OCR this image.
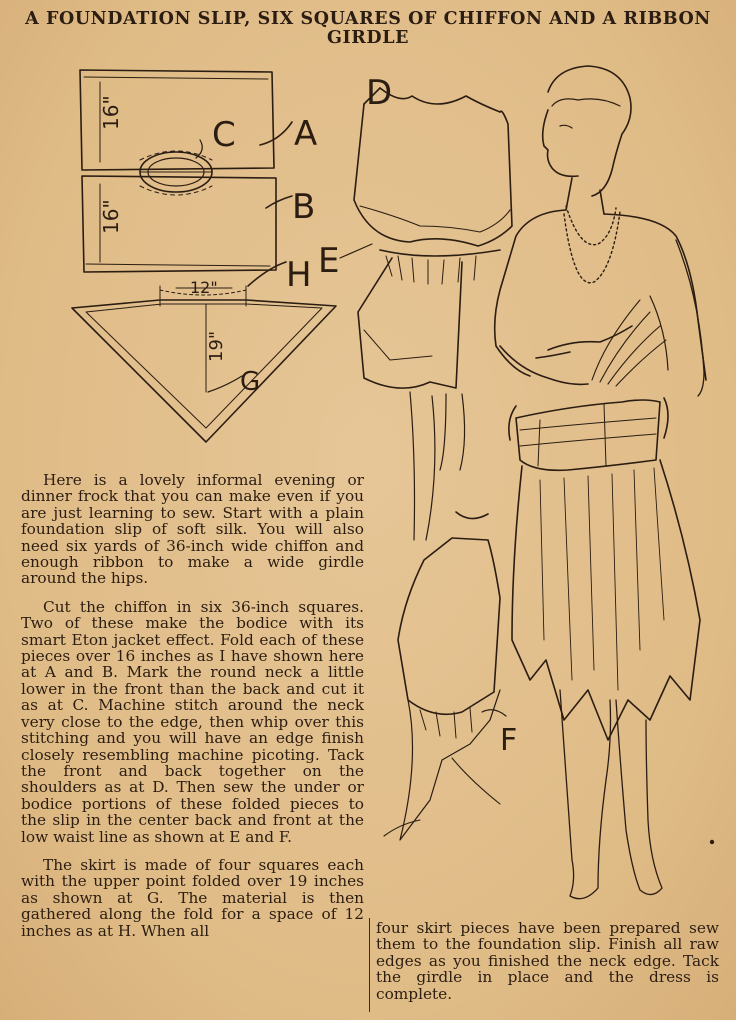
A FOUNDATION SLIP, SIX SQUARES OF CHIFFON AND A RIBBON GIRDLE
C A
B
H E
D
G
F
16"
16"
12"
19"

Here is a lovely informal evening or dinner frock that you can make even if you are just learning to sew. Start with a plain foundation slip of soft silk. You will also need six yards of 36-inch wide chiffon and enough ribbon to make a wide girdle around the hips.

Cut the chiffon in six 36-inch squares. Two of these make the bodice with its smart Eton jacket effect. Fold each of these pieces over 16 inches as I have shown here at A and B. Mark the round neck a little lower in the front than the back and cut it as at C. Machine stitch around the neck very close to the edge, then whip over this stitching and you will have an edge finish closely resembling machine picoting. Tack the front and back together on the shoulders as at D. Then sew the under or bodice portions of these folded pieces to the slip in the center back and front at the low waist line as shown at E and F.

The skirt is made of four squares each with the upper point folded over 19 inches as shown at G. The material is then gathered along the fold for a space of 12 inches as at H. When all	four skirt pieces have been prepared sew them to the foundation slip. Finish all raw edges as you finished the neck edge. Tack the girdle in place and the dress is complete.
